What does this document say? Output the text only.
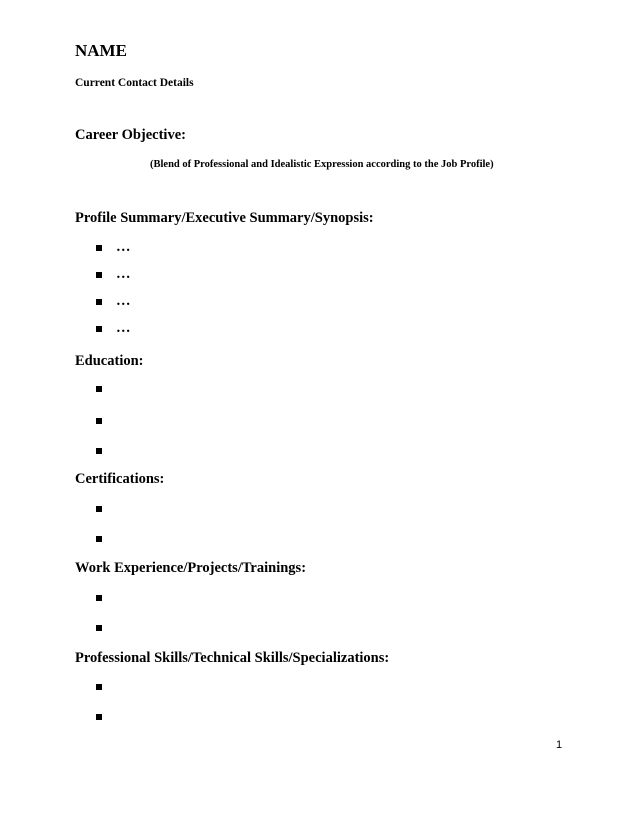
NAME
Current Contact Details
Career Objective:
(Blend of Professional and Idealistic Expression according to the Job Profile)
Profile Summary/Executive Summary/Synopsis:
…
…
…
…
Education:
Certifications:
Work Experience/Projects/Trainings:
Professional Skills/Technical Skills/Specializations:
1
